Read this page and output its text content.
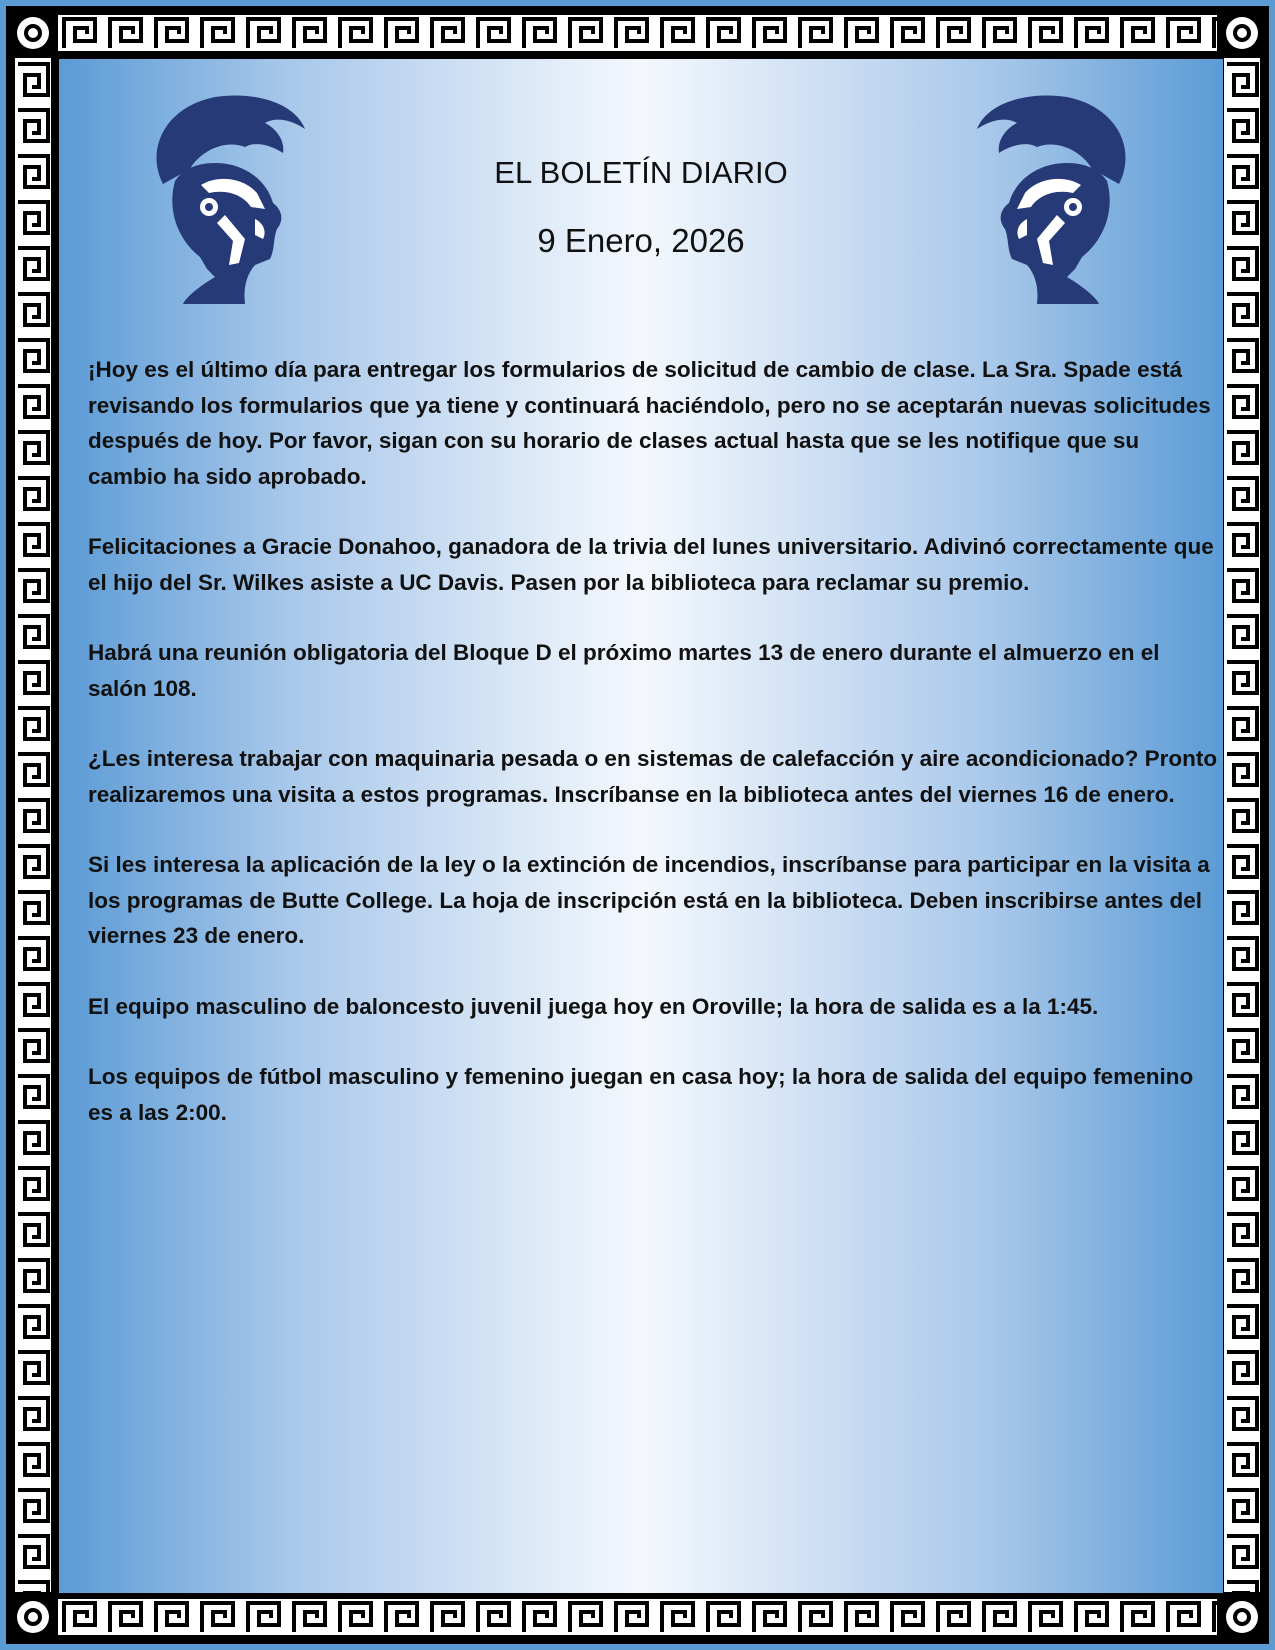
EL BOLETÍN DIARIO
9 Enero, 2026

¡Hoy es el último día para entregar los formularios de solicitud de cambio de clase. La Sra. Spade está revisando los formularios que ya tiene y continuará haciéndolo, pero no se aceptarán nuevas solicitudes después de hoy. Por favor, sigan con su horario de clases actual hasta que se les notifique que su cambio ha sido aprobado.

Felicitaciones a Gracie Donahoo, ganadora de la trivia del lunes universitario. Adivinó correctamente que el hijo del Sr. Wilkes asiste a UC Davis. Pasen por la biblioteca para reclamar su premio.

Habrá una reunión obligatoria del Bloque D el próximo martes 13 de enero durante el almuerzo en el salón 108.

¿Les interesa trabajar con maquinaria pesada o en sistemas de calefacción y aire acondicionado? Pronto realizaremos una visita a estos programas. Inscríbanse en la biblioteca antes del viernes 16 de enero.

Si les interesa la aplicación de la ley o la extinción de incendios, inscríbanse para participar en la visita a los programas de Butte College. La hoja de inscripción está en la biblioteca. Deben inscribirse antes del viernes 23 de enero.

El equipo masculino de baloncesto juvenil juega hoy en Oroville; la hora de salida es a la 1:45.

Los equipos de fútbol masculino y femenino juegan en casa hoy; la hora de salida del equipo femenino es a las 2:00.
